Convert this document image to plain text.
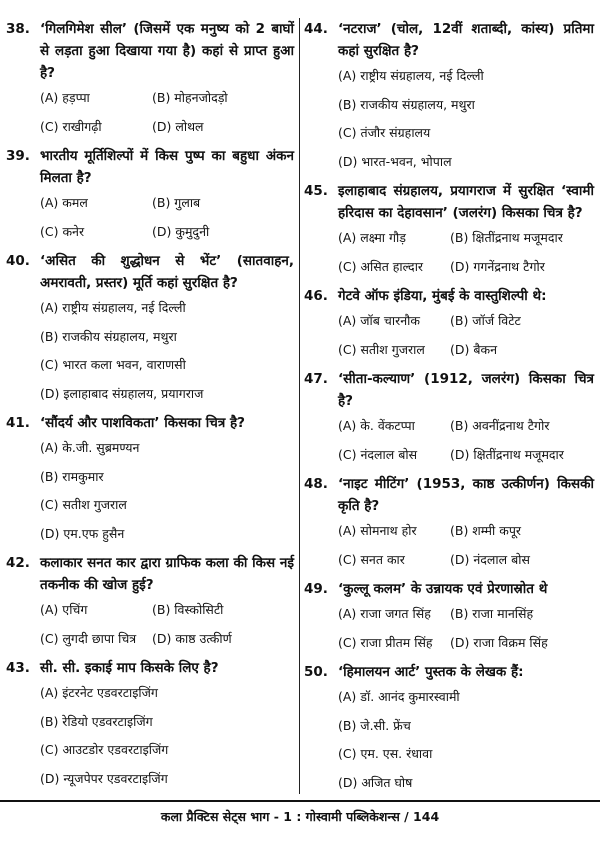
38. ‘गिलगिमेश सील’ (जिसमें एक मनुष्य को 2 बाघों से लड़ता हुआ दिखाया गया है) कहां से प्राप्त हुआ है?
(A) हड़प्पा	(B) मोहनजोदड़ो
(C) राखीगढ़ी	(D) लोथल
39. भारतीय मूर्तिशिल्पों में किस पुष्प का बहुधा अंकन मिलता है?
(A) कमल	(B) गुलाब
(C) कनेर	(D) कुमुदुनी
40. ‘असित की शुद्धोधन से भेंट’ (सातवाहन, अमरावती, प्रस्तर) मूर्ति कहां सुरक्षित है?
(A) राष्ट्रीय संग्रहालय, नई दिल्ली
(B) राजकीय संग्रहालय, मथुरा
(C) भारत कला भवन, वाराणसी
(D) इलाहाबाद संग्रहालय, प्रयागराज
41. ‘सौंदर्य और पाशविकता’ किसका चित्र है?
(A) के.जी. सुब्रमण्यन
(B) रामकुमार
(C) सतीश गुजराल
(D) एम.एफ हुसैन
42. कलाकार सनत कार द्वारा ग्राफिक कला की किस नई तकनीक की खोज हुई?
(A) एचिंग	(B) विस्कोसिटी
(C) लुगदी छापा चित्र	(D) काष्ठ उत्कीर्ण
43. सी. सी. इकाई माप किसके लिए है?
(A) इंटरनेट एडवरटाइजिंग
(B) रेडियो एडवरटाइजिंग
(C) आउटडोर एडवरटाइजिंग
(D) न्यूजपेपर एडवरटाइजिंग
44. ‘नटराज’ (चोल, 12वीं शताब्दी, कांस्य) प्रतिमा कहां सुरक्षित है?
(A) राष्ट्रीय संग्रहालय, नई दिल्ली
(B) राजकीय संग्रहालय, मथुरा
(C) तंजौर संग्रहालय
(D) भारत-भवन, भोपाल
45. इलाहाबाद संग्रहालय, प्रयागराज में सुरक्षित ‘स्वामी हरिदास का देहावसान’ (जलरंग) किसका चित्र है?
(A) लक्ष्मा गौड़	(B) क्षितींद्रनाथ मजूमदार
(C) असित हाल्दार	(D) गगनेंद्रनाथ टैगोर
46. गेटवे ऑफ इंडिया, मुंबई के वास्तुशिल्पी थे:
(A) जॉब चारनौक	(B) जॉर्ज विटेट
(C) सतीश गुजराल	(D) बैकन
47. ‘सीता-कल्याण’ (1912, जलरंग) किसका चित्र है?
(A) के. वेंकटप्पा	(B) अवनींद्रनाथ टैगोर
(C) नंदलाल बोस	(D) क्षितींद्रनाथ मजूमदार
48. ‘नाइट मीटिंग’ (1953, काष्ठ उत्कीर्णन) किसकी कृति है?
(A) सोमनाथ होर	(B) शम्मी कपूर
(C) सनत कार	(D) नंदलाल बोस
49. ‘कुल्लू कलम’ के उन्नायक एवं प्रेरणास्रोत थे
(A) राजा जगत सिंह	(B) राजा मानसिंह
(C) राजा प्रीतम सिंह	(D) राजा विक्रम सिंह
50. ‘हिमालयन आर्ट’ पुस्तक के लेखक हैं:
(A) डॉ. आनंद कुमारस्वामी
(B) जे.सी. फ्रेंच
(C) एम. एस. रंधावा
(D) अजित घोष
कला प्रैक्टिस सेट्स भाग - 1 : गोस्वामी पब्लिकेशन्स / 144
